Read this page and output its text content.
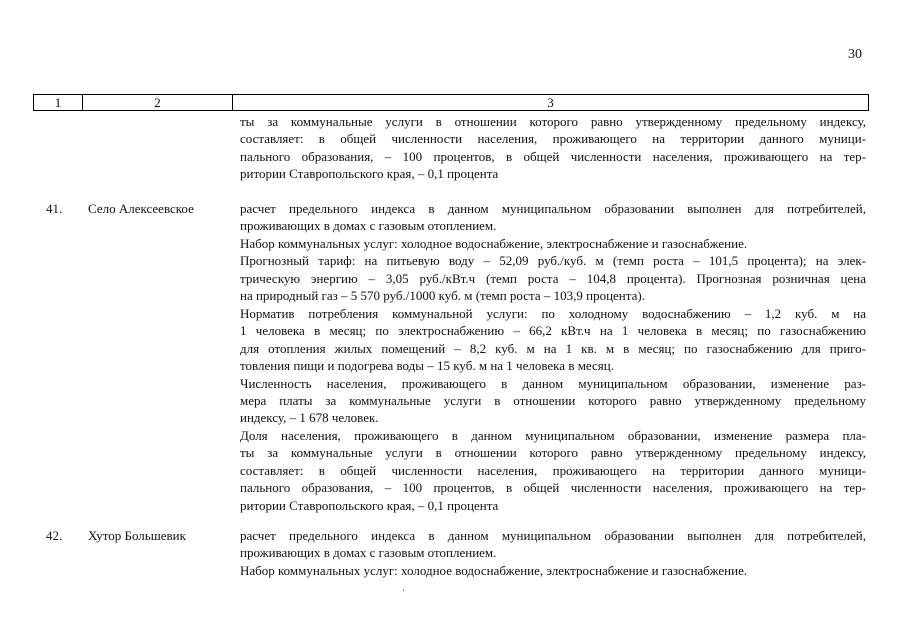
30
1	2	3
ты за коммунальные услуги в отношении которого равно утвержденному предельному индексу,
составляет: в общей численности населения, проживающего на территории данного муници-
пального образования, – 100 процентов, в общей численности населения, проживающего на тер-
ритории Ставропольского края, – 0,1 процента
41. Село Алексеевское	расчет предельного индекса в данном муниципальном образовании выполнен для потребителей,
проживающих в домах с газовым отоплением.
Набор коммунальных услуг: холодное водоснабжение, электроснабжение и газоснабжение.
Прогнозный тариф: на питьевую воду – 52,09 руб./куб. м (темп роста – 101,5 процента); на элек-
трическую энергию – 3,05 руб./кВт.ч (темп роста – 104,8 процента). Прогнозная розничная цена
на природный газ – 5 570 руб./1000 куб. м (темп роста – 103,9 процента).
Норматив потребления коммунальной услуги: по холодному водоснабжению – 1,2 куб. м на
1 человека в месяц; по электроснабжению – 66,2 кВт.ч на 1 человека в месяц; по газоснабжению
для отопления жилых помещений – 8,2 куб. м на 1 кв. м в месяц; по газоснабжению для приго-
товления пищи и подогрева воды – 15 куб. м на 1 человека в месяц.
Численность населения, проживающего в данном муниципальном образовании, изменение раз-
мера платы за коммунальные услуги в отношении которого равно утвержденному предельному
индексу, – 1 678 человек.
Доля населения, проживающего в данном муниципальном образовании, изменение размера пла-
ты за коммунальные услуги в отношении которого равно утвержденному предельному индексу,
составляет: в общей численности населения, проживающего на территории данного муници-
пального образования, – 100 процентов, в общей численности населения, проживающего на тер-
ритории Ставропольского края, – 0,1 процента
42. Хутор Большевик	расчет предельного индекса в данном муниципальном образовании выполнен для потребителей,
проживающих в домах с газовым отоплением.
Набор коммунальных услуг: холодное водоснабжение, электроснабжение и газоснабжение.
